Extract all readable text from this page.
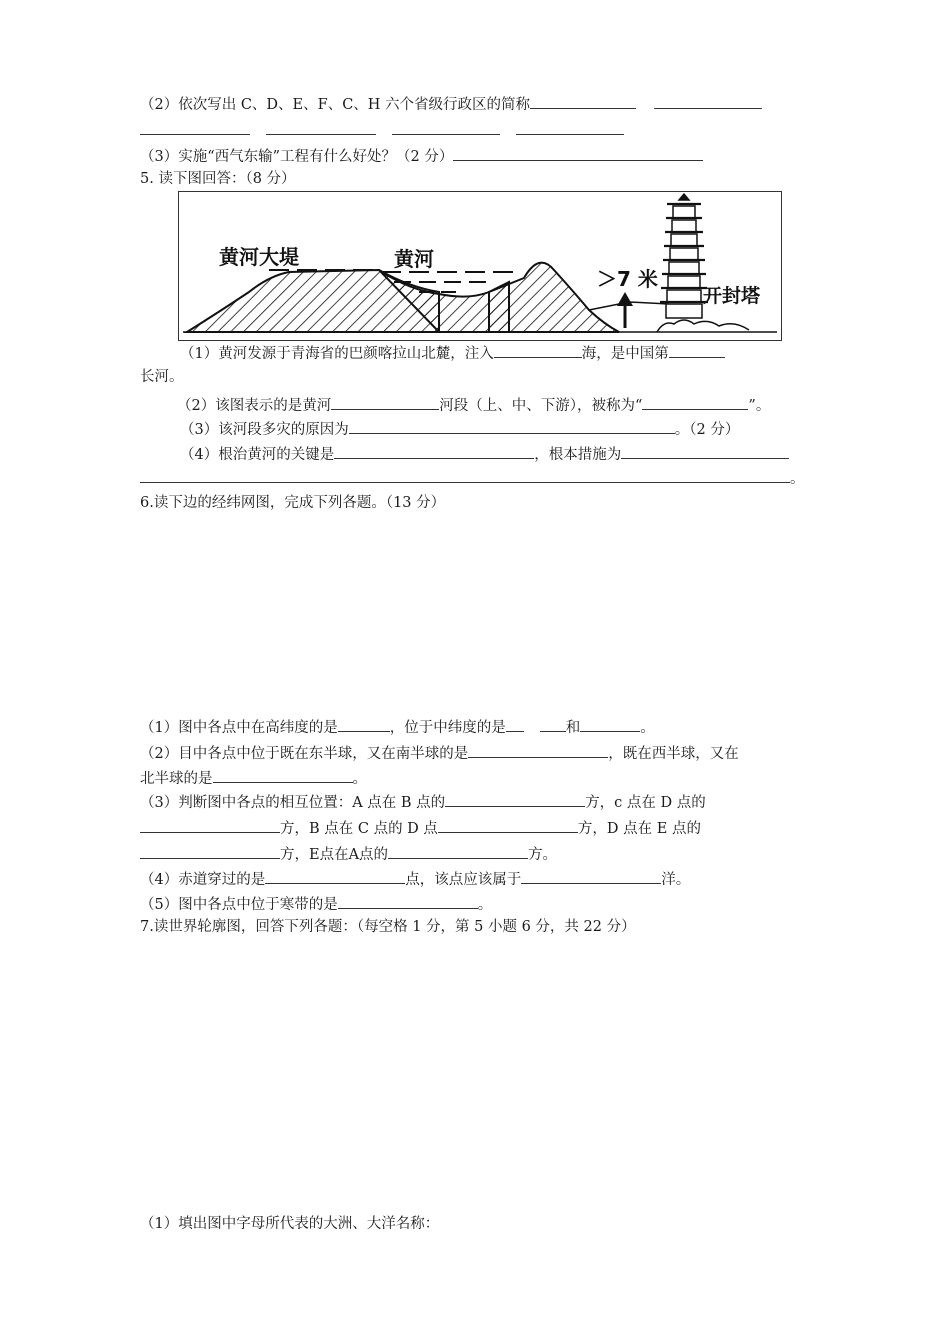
（2）依次写出 C、D、E、F、C、H 六个省级行政区的简称
（3）实施“西气东输”工程有什么好处？（2 分）
5. 读下图回答：（8 分）
黄河大堤	黄河
＞7 米
开封塔
（1）黄河发源于青海省的巴颜喀拉山北麓，注入	海，是中国第
长河。
（2）该图表示的是黄河	河段（上、中、下游），被称为“	”。
（3）该河段多灾的原因为	。（2 分）
（4）根治黄河的关键是	，根本措施为
。
6.读下边的经纬网图，完成下列各题。（13 分）
（1）图中各点中在高纬度的是	，位于中纬度的是	和	。
（2）目中各点中位于既在东半球，又在南半球的是	，既在西半球，又在
北半球的是	。
（3）判断图中各点的相互位置：A 点在 B 点的	方，c 点在 D 点的
方，B 点在 C 点的 D 点	方，D 点在 E 点的
方，E点在A点的	方。
（4）赤道穿过的是	点，该点应该属于	洋。
（5）图中各点中位于寒带的是	。
7.读世界轮廓图，回答下列各题：（每空格 1 分，第 5 小题 6 分，共 22 分）
（1）填出图中字母所代表的大洲、大洋名称：
